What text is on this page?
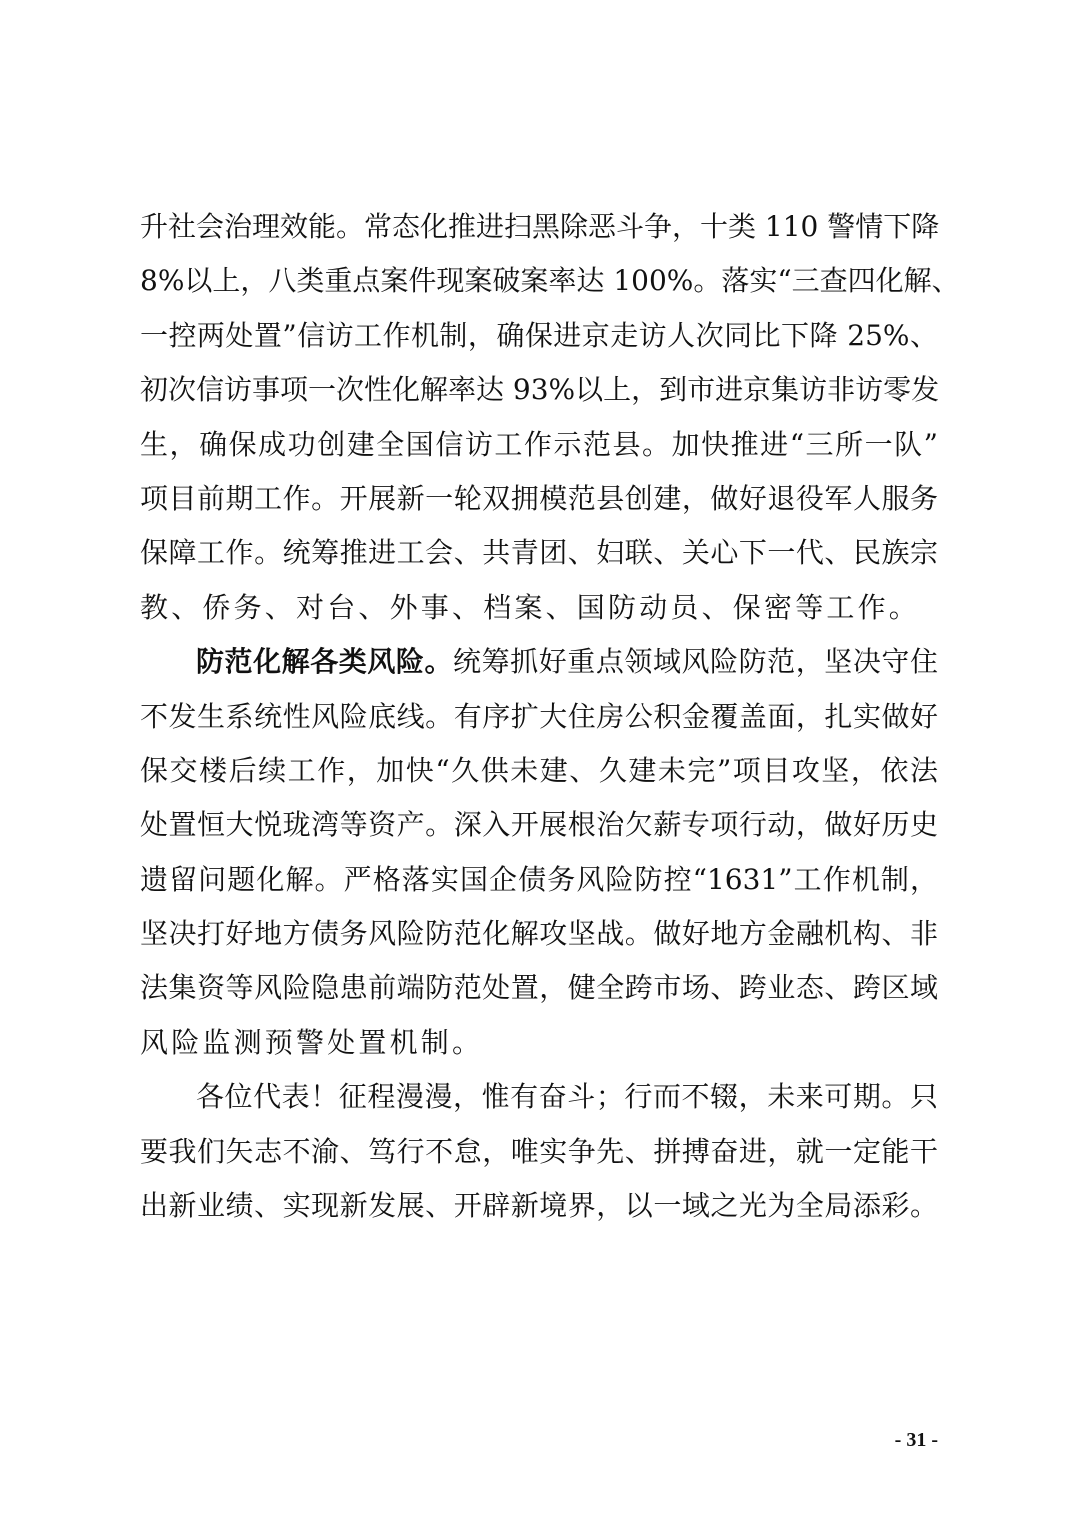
升社会治理效能。常态化推进扫黑除恶斗争，十类 110 警情下降
8%以上，八类重点案件现案破案率达 100%。落实“三查四化解、
一控两处置”信访工作机制，确保进京走访人次同比下降 25%、
初次信访事项一次性化解率达 93%以上，到市进京集访非访零发
生，确保成功创建全国信访工作示范县。加快推进“三所一队”
项目前期工作。开展新一轮双拥模范县创建，做好退役军人服务
保障工作。统筹推进工会、共青团、妇联、关心下一代、民族宗
教、侨务、对台、外事、档案、国防动员、保密等工作。
防范化解各类风险。统筹抓好重点领域风险防范，坚决守住
不发生系统性风险底线。有序扩大住房公积金覆盖面，扎实做好
保交楼后续工作，加快“久供未建、久建未完”项目攻坚，依法
处置恒大悦珑湾等资产。深入开展根治欠薪专项行动，做好历史
遗留问题化解。严格落实国企债务风险防控“1631”工作机制，
坚决打好地方债务风险防范化解攻坚战。做好地方金融机构、非
法集资等风险隐患前端防范处置，健全跨市场、跨业态、跨区域
风险监测预警处置机制。
各位代表！征程漫漫，惟有奋斗；行而不辍，未来可期。只
要我们矢志不渝、笃行不怠，唯实争先、拼搏奋进，就一定能干
出新业绩、实现新发展、开辟新境界，以一域之光为全局添彩。
- 31 -
